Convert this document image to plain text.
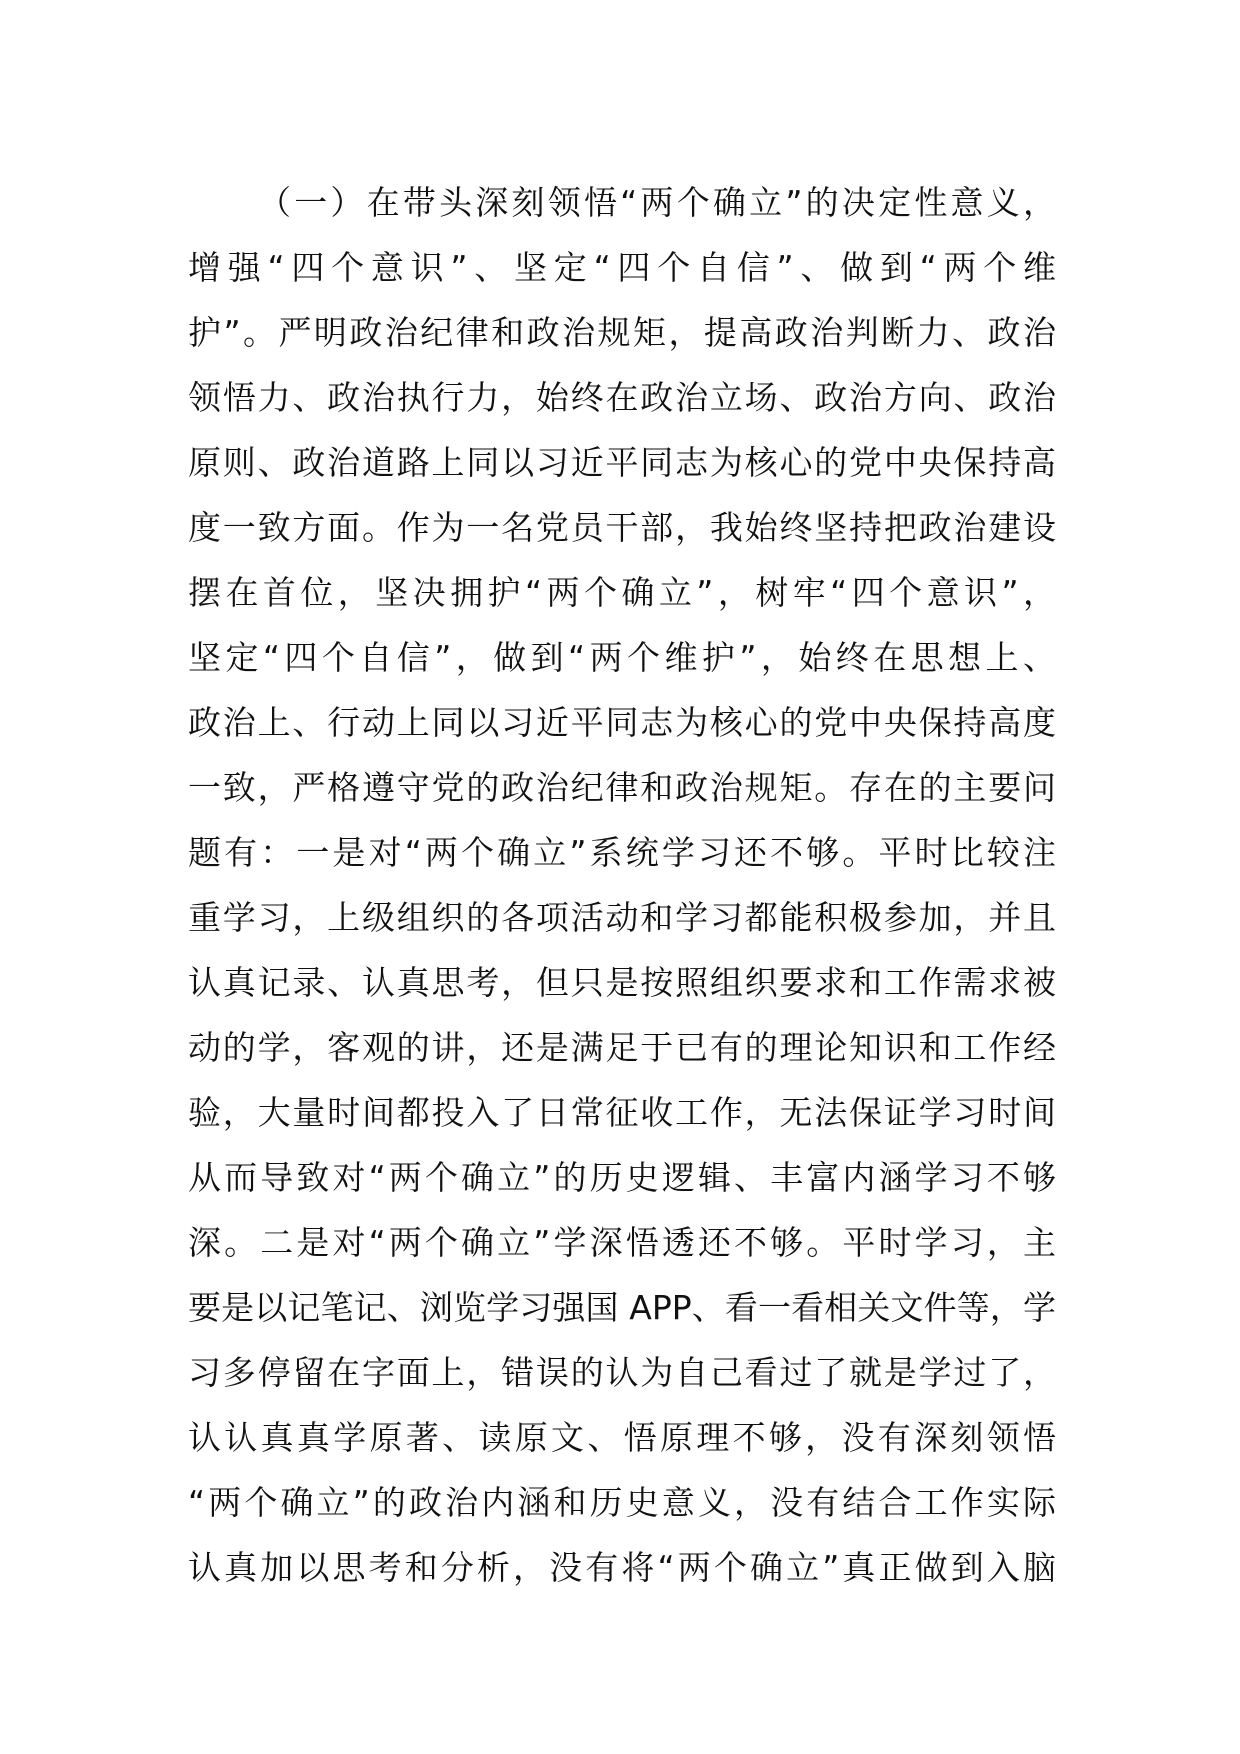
（一）在带头深刻领悟“两个确立”的决定性意义，
增强“四个意识”、坚定“四个自信”、做到“两个维
护”。严明政治纪律和政治规矩，提高政治判断力、政治
领悟力、政治执行力，始终在政治立场、政治方向、政治
原则、政治道路上同以习近平同志为核心的党中央保持高
度一致方面。作为一名党员干部，我始终坚持把政治建设
摆在首位，坚决拥护“两个确立”，树牢“四个意识”，
坚定“四个自信”，做到“两个维护”，始终在思想上、
政治上、行动上同以习近平同志为核心的党中央保持高度
一致，严格遵守党的政治纪律和政治规矩。存在的主要问
题有：一是对“两个确立”系统学习还不够。平时比较注
重学习，上级组织的各项活动和学习都能积极参加，并且
认真记录、认真思考，但只是按照组织要求和工作需求被
动的学，客观的讲，还是满足于已有的理论知识和工作经
验，大量时间都投入了日常征收工作，无法保证学习时间
从而导致对“两个确立”的历史逻辑、丰富内涵学习不够
深。二是对“两个确立”学深悟透还不够。平时学习，主
要是以记笔记、浏览学习强国 APP、看一看相关文件等，学
习多停留在字面上，错误的认为自己看过了就是学过了，
认认真真学原著、读原文、悟原理不够，没有深刻领悟
“两个确立”的政治内涵和历史意义，没有结合工作实际
认真加以思考和分析，没有将“两个确立”真正做到入脑
